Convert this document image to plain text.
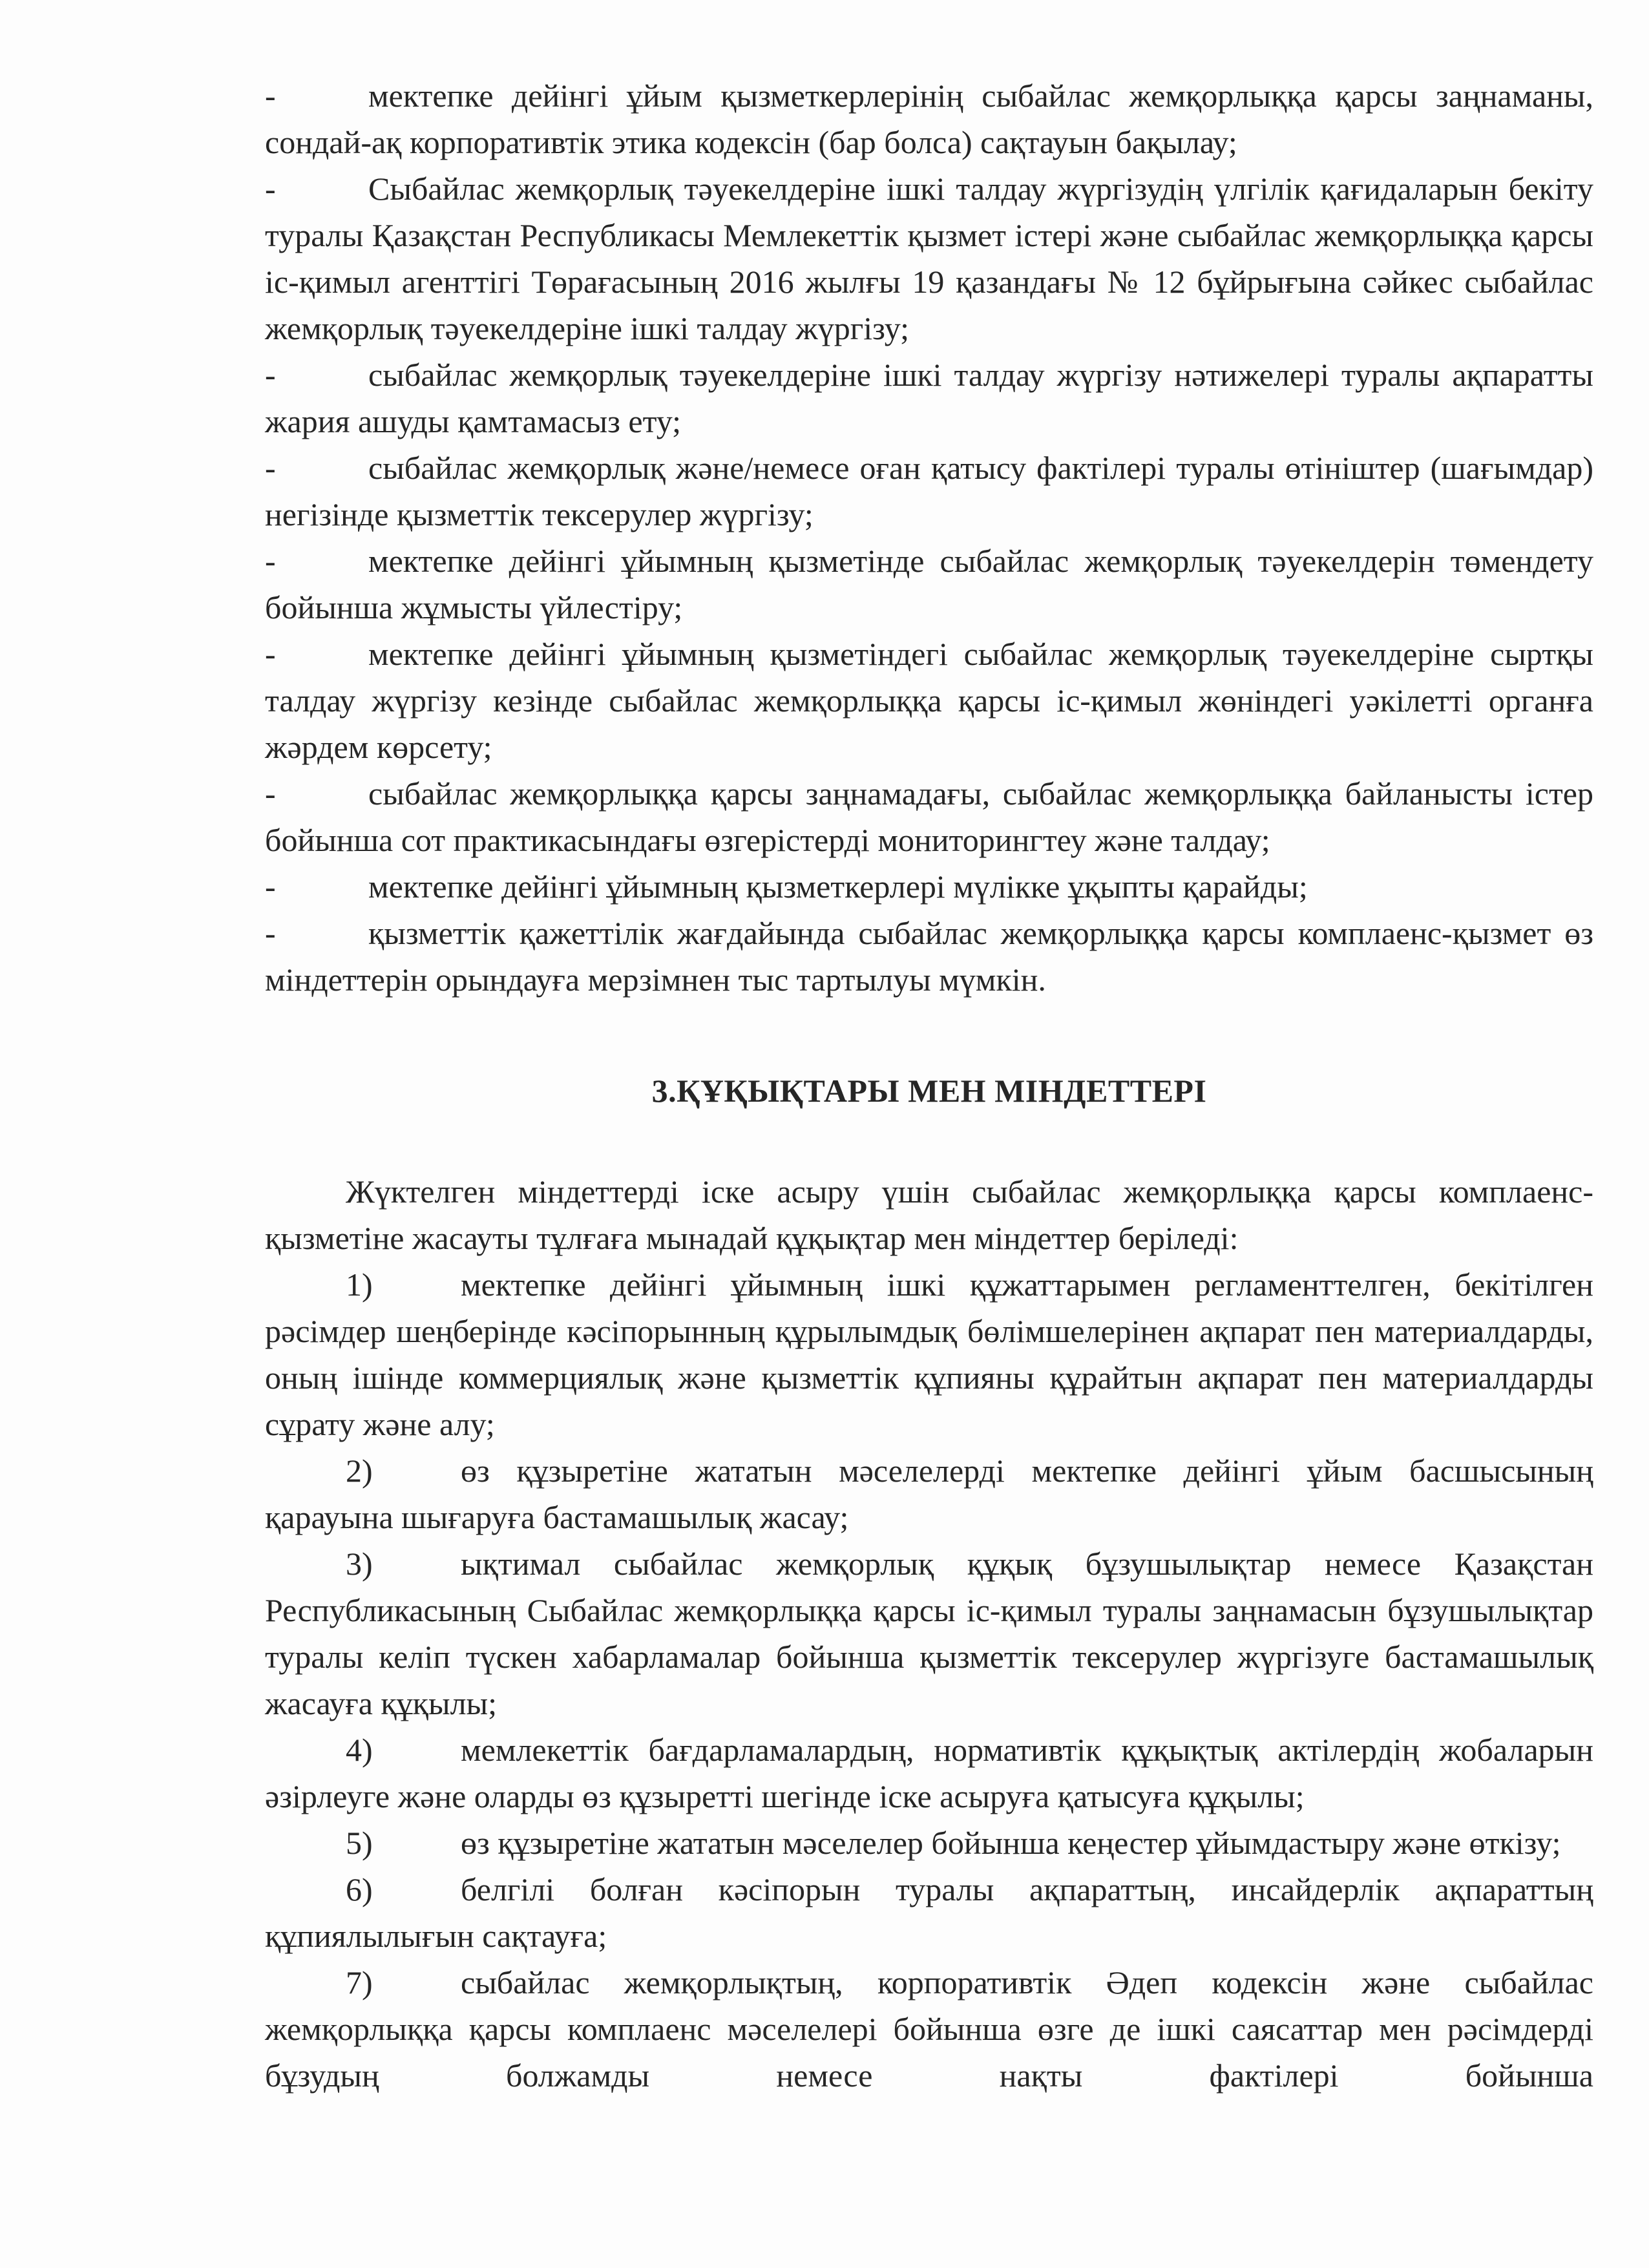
-	мектепке дейінгі ұйым қызметкерлерінің сыбайлас жемқорлыққа қарсы заңнаманы, сондай-ақ корпоративтік этика кодексін (бар болса) сақтауын бақылау;
-	Сыбайлас жемқорлық тәуекелдеріне ішкі талдау жүргізудің үлгілік қағидаларын бекіту туралы Қазақстан Республикасы Мемлекеттік қызмет істері және сыбайлас жемқорлыққа қарсы іс-қимыл агенттігі Төрағасының 2016 жылғы 19 қазандағы № 12 бұйрығына сәйкес сыбайлас жемқорлық тәуекелдеріне ішкі талдау жүргізу;
-	сыбайлас жемқорлық тәуекелдеріне ішкі талдау жүргізу нәтижелері туралы ақпаратты жария ашуды қамтамасыз ету;
-	сыбайлас жемқорлық және/немесе оған қатысу фактілері туралы өтініштер (шағымдар) негізінде қызметтік тексерулер жүргізу;
-	мектепке дейінгі ұйымның қызметінде сыбайлас жемқорлық тәуекелдерін төмендету бойынша жұмысты үйлестіру;
-	мектепке дейінгі ұйымның қызметіндегі сыбайлас жемқорлық тәуекелдеріне сыртқы талдау жүргізу кезінде сыбайлас жемқорлыққа қарсы іс-қимыл жөніндегі уәкілетті органға жәрдем көрсету;
-	сыбайлас жемқорлыққа қарсы заңнамадағы, сыбайлас жемқорлыққа байланысты істер бойынша сот практикасындағы өзгерістерді мониторингтеу және талдау;
-	мектепке дейінгі ұйымның қызметкерлері мүлікке ұқыпты қарайды;
-	қызметтік қажеттілік жағдайында сыбайлас жемқорлыққа қарсы комплаенс-қызмет өз міндеттерін орындауға мерзімнен тыс тартылуы мүмкін.
3.ҚҰҚЫҚТАРЫ МЕН МІНДЕТТЕРІ

Жүктелген міндеттерді іске асыру үшін сыбайлас жемқорлыққа қарсы комплаенс-қызметіне жасауты тұлғаға мынадай құқықтар мен міндеттер беріледі:

1)	мектепке дейінгі ұйымның ішкі құжаттарымен регламенттелген, бекітілген рәсімдер шеңберінде кәсіпорынның құрылымдық бөлімшелерінен ақпарат пен материалдарды, оның ішінде коммерциялық және қызметтік құпияны құрайтын ақпарат пен материалдарды сұрату және алу;

2)	өз құзыретіне жататын мәселелерді мектепке дейінгі ұйым басшысының қарауына шығаруға бастамашылық жасау;

3)	ықтимал сыбайлас жемқорлық құқық бұзушылықтар немесе Қазақстан Республикасының Сыбайлас жемқорлыққа қарсы іс-қимыл туралы заңнамасын бұзушылықтар туралы келіп түскен хабарламалар бойынша қызметтік тексерулер жүргізуге бастамашылық жасауға құқылы;

4)	мемлекеттік бағдарламалардың, нормативтік құқықтық актілердің жобаларын әзірлеуге және оларды өз құзыретті шегінде іске асыруға қатысуға құқылы;

5)	өз құзыретіне жататын мәселелер бойынша кеңестер ұйымдастыру және өткізу;

6)	белгілі болған кәсіпорын туралы ақпараттың, инсайдерлік ақпараттың құпиялылығын сақтауға;

7)	сыбайлас жемқорлықтың, корпоративтік Әдеп кодексін және сыбайлас жемқорлыққа қарсы комплаенс мәселелері бойынша өзге де ішкі саясаттар мен рәсімдерді бұзудың болжамды немесе нақты фактілері бойынша
